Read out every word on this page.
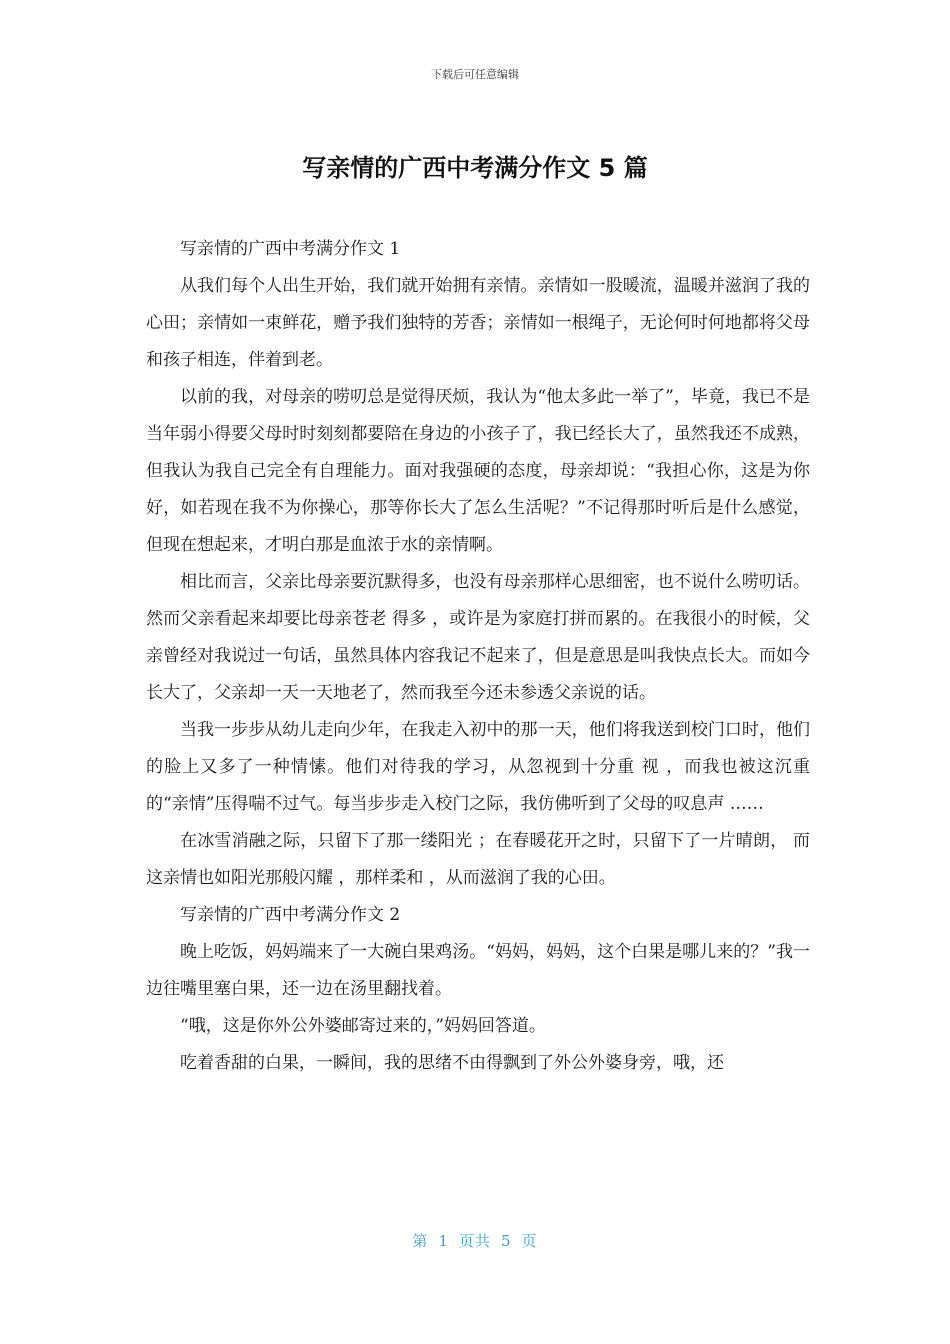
下载后可任意编辑
写亲情的广西中考满分作文 5 篇

写亲情的广西中考满分作文 1

从我们每个人出生开始，我们就开始拥有亲情。亲情如一股暖流，温暖并滋润了我的心田；亲情如一束鲜花，赠予我们独特的芳香；亲情如一根绳子，无论何时何地都将父母和孩子相连，伴着到老。

以前的我，对母亲的唠叨总是觉得厌烦，我认为“他太多此一举了”，毕竟，我已不是当年弱小得要父母时时刻刻都要陪在身边的小孩子了，我已经长大了，虽然我还不成熟，但我认为我自己完全有自理能力。面对我强硬的态度，母亲却说：“我担心你，这是为你好，如若现在我不为你操心，那等你长大了怎么生活呢？”不记得那时听后是什么感觉，但现在想起来，才明白那是血浓于水的亲情啊。

相比而言，父亲比母亲要沉默得多，也没有母亲那样心思细密，也不说什么唠叨话。然而父亲看起来却要比母亲苍老 得多 ，或许是为家庭打拼而累的。在我很小的时候，父亲曾经对我说过一句话，虽然具体内容我记不起来了，但是意思是叫我快点长大。而如今长大了，父亲却一天一天地老了，然而我至今还未参透父亲说的话。

当我一步步从幼儿走向少年，在我走入初中的那一天，他们将我送到校门口时，他们的脸上又多了一种情愫。他们对待我的学习，从忽视到十分重 视 ，而我也被这沉重的“亲情”压得喘不过气。每当步步走入校门之际，我仿佛听到了父母的叹息声 ……

在冰雪消融之际，只留下了那一缕阳光 ；在春暖花开之时，只留下了一片晴朗， 而这亲情也如阳光那般闪耀 ，那样柔和 ，从而滋润了我的心田。

写亲情的广西中考满分作文 2

晚上吃饭，妈妈端来了一大碗白果鸡汤。“妈妈，妈妈，这个白果是哪儿来的？”我一边往嘴里塞白果，还一边在汤里翻找着。

“哦，这是你外公外婆邮寄过来的，”妈妈回答道。

吃着香甜的白果，一瞬间，我的思绪不由得飘到了外公外婆身旁，哦，还

第 1 页共 5 页
